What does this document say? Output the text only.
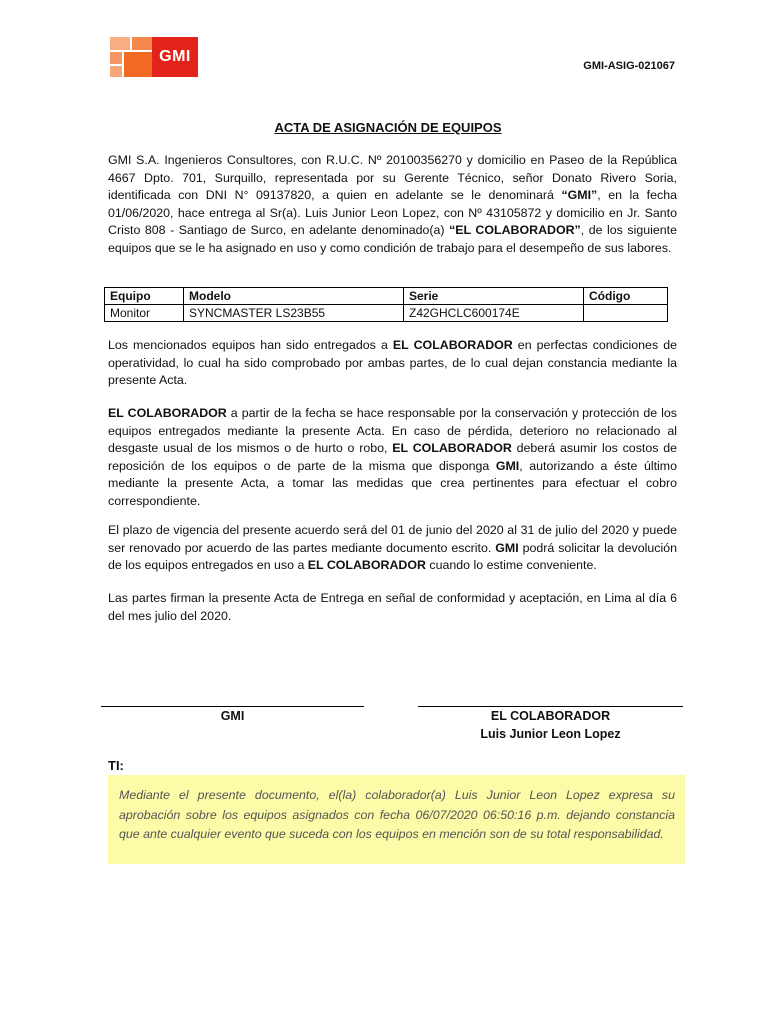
GMI
GMI-ASIG-021067
ACTA DE ASIGNACIÓN DE EQUIPOS

GMI S.A. Ingenieros Consultores, con R.U.C. Nº 20100356270 y domicilio en Paseo de la República 4667 Dpto. 701, Surquillo, representada por su Gerente Técnico, señor Donato Rivero Soria, identificada con DNI N° 09137820, a quien en adelante se le denominará “GMI”, en la fecha 01/06/2020, hace entrega al Sr(a). Luis Junior Leon Lopez, con Nº 43105872 y domicilio en Jr. Santo Cristo 808 - Santiago de Surco, en adelante denominado(a) “EL COLABORADOR”, de los siguiente equipos que se le ha asignado en uso y como condición de trabajo para el desempeño de sus labores.

Equipo	Modelo	Serie	Código
Monitor	SYNCMASTER LS23B55	Z42GHCLC600174E	

Los mencionados equipos han sido entregados a EL COLABORADOR en perfectas condiciones de operatividad, lo cual ha sido comprobado por ambas partes, de lo cual dejan constancia mediante la presente Acta.

EL COLABORADOR a partir de la fecha se hace responsable por la conservación y protección de los equipos entregados mediante la presente Acta. En caso de pérdida, deterioro no relacionado al desgaste usual de los mismos o de hurto o robo, EL COLABORADOR deberá asumir los costos de reposición de los equipos o de parte de la misma que disponga GMI, autorizando a éste último mediante la presente Acta, a tomar las medidas que crea pertinentes para efectuar el cobro correspondiente.

El plazo de vigencia del presente acuerdo será del 01 de junio del 2020 al 31 de julio del 2020 y puede ser renovado por acuerdo de las partes mediante documento escrito. GMI podrá solicitar la devolución de los equipos entregados en uso a EL COLABORADOR cuando lo estime conveniente.

Las partes firman la presente Acta de Entrega en señal de conformidad y aceptación, en Lima al día 6 del mes julio del 2020.

GMI	EL COLABORADOR
Luis Junior Leon Lopez
TI:
Mediante el presente documento, el(la) colaborador(a) Luis Junior Leon Lopez expresa su aprobación sobre los equipos asignados con fecha 06/07/2020 06:50:16 p.m. dejando constancia que ante cualquier evento que suceda con los equipos en mención son de su total responsabilidad.
